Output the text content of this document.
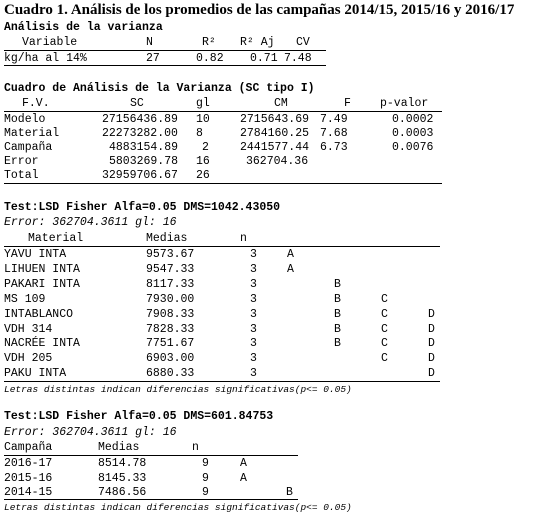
Cuadro 1. Análisis de los promedios de las campañas 2014/15, 2015/16 y 2016/17
Análisis de la varianza
Variable	N	R² R² Aj CV
kg/ha al 14%	27	0.82 0.71 7.48
Cuadro de Análisis de la Varianza (SC tipo I)
F.V.	SC	gl	CM	F	p-valor
Modelo	27156436.89 10	2715643.69 7.49	0.0002
Material	22273282.00 8	2784160.25 7.68	0.0003
Campaña	4883154.89 2	2441577.44 6.73	0.0076
Error	5803269.78 16	362704.36
Total	32959706.67 26
Test:LSD Fisher Alfa=0.05 DMS=1042.43050
Error: 362704.3611 gl: 16
Material	Medias	n
YAVU INTA	9573.67	3	A
LIHUEN INTA	9547.33	3	A
PAKARI INTA	8117.33	3	B
MS 109	7930.00	3	B	C
INTABLANCO	7908.33	3	B	C	D
VDH 314	7828.33	3	B	C	D
NACRÉE INTA	7751.67	3	B	C	D
VDH 205	6903.00	3	C	D
PAKU INTA	6880.33	3	D
Letras distintas indican diferencias significativas(p<= 0.05)
Test:LSD Fisher Alfa=0.05 DMS=601.84753
Error: 362704.3611 gl: 16
Campaña	Medias	n
2016-17	8514.78	9	A
2015-16	8145.33	9	A
2014-15	7486.56	9	B
Letras distintas indican diferencias significativas(p<= 0.05)
